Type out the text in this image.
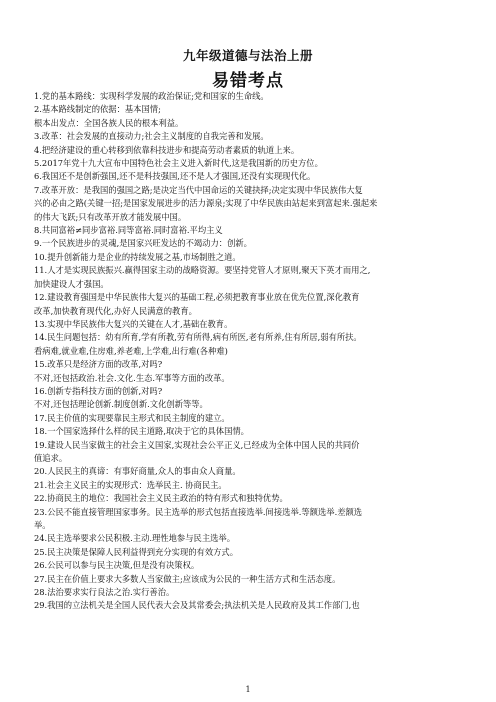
九年级道德与法治上册
易错考点
1.党的基本路线：实现科学发展的政治保证;党和国家的生命线。
2.基本路线制定的依据：基本国情;
根本出发点：全国各族人民的根本利益。
3.改革：社会发展的直接动力;社会主义制度的自我完善和发展。
4.把经济建设的重心转移到依靠科技进步和提高劳动者素质的轨道上来。
5.2017年党十九大宣布中国特色社会主义进入新时代,这是我国新的历史方位。
6.我国还不是创新强国,还不是科技强国,还不是人才强国,还没有实现现代化。
7.改革开放：是我国的强国之路;是决定当代中国命运的关键抉择;决定实现中华民族伟大复
兴的必由之路(关键一招;是国家发展进步的活力源泉;实现了中华民族由站起来到富起来.强起来
的伟大飞跃;只有改革开放才能发展中国。
8.共同富裕≠同步富裕.同等富裕.同时富裕.平均主义
9.一个民族进步的灵魂,是国家兴旺发达的不竭动力：创新。
10.提升创新能力是企业的持续发展之基,市场制胜之道。
11.人才是实现民族振兴.赢得国家主动的战略资源。要坚持党管人才原则,聚天下英才而用之,
加快建设人才强国。
12.建设教育强国是中华民族伟大复兴的基础工程,必须把教育事业放在优先位置,深化教育
改革,加快教育现代化,办好人民满意的教育。
13.实现中华民族伟大复兴的关键在人才,基础在教育。
14.民生问题包括：幼有所育,学有所教,劳有所得,病有所医,老有所养,住有所居,弱有所扶。
看病难,就业难,住房难,养老难,上学难,出行难(各种难)
15.改革只是经济方面的改革,对吗?
不对,还包括政治.社会.文化.生态.军事等方面的改革。
16.创新专指科技方面的创新,对吗?
不对,还包括理论创新.制度创新.文化创新等等。
17.民主价值的实现要靠民主形式和民主制度的建立。
18.一个国家选择什么样的民主道路,取决于它的具体国情。
19.建设人民当家做主的社会主义国家,实现社会公平正义,已经成为全体中国人民的共同价
值追求。
20.人民民主的真谛：有事好商量,众人的事由众人商量。
21.社会主义民主的实现形式：选举民主. 协商民主。
22.协商民主的地位：我国社会主义民主政治的特有形式和独特优势。
23.公民不能直接管理国家事务。民主选举的形式包括直接选举.间接选举.等额选举.差额选
举。
24.民主选举要求公民积极.主动.理性地参与民主选举。
25.民主决策是保障人民利益得到充分实现的有效方式。
26.公民可以参与民主决策,但是没有决策权。
27.民主在价值上要求大多数人当家做主;应该成为公民的一种生活方式和生活态度。
28.法治要求实行良法之治.实行善治。
29.我国的立法机关是全国人民代表大会及其常委会;执法机关是人民政府及其工作部门,也
1
